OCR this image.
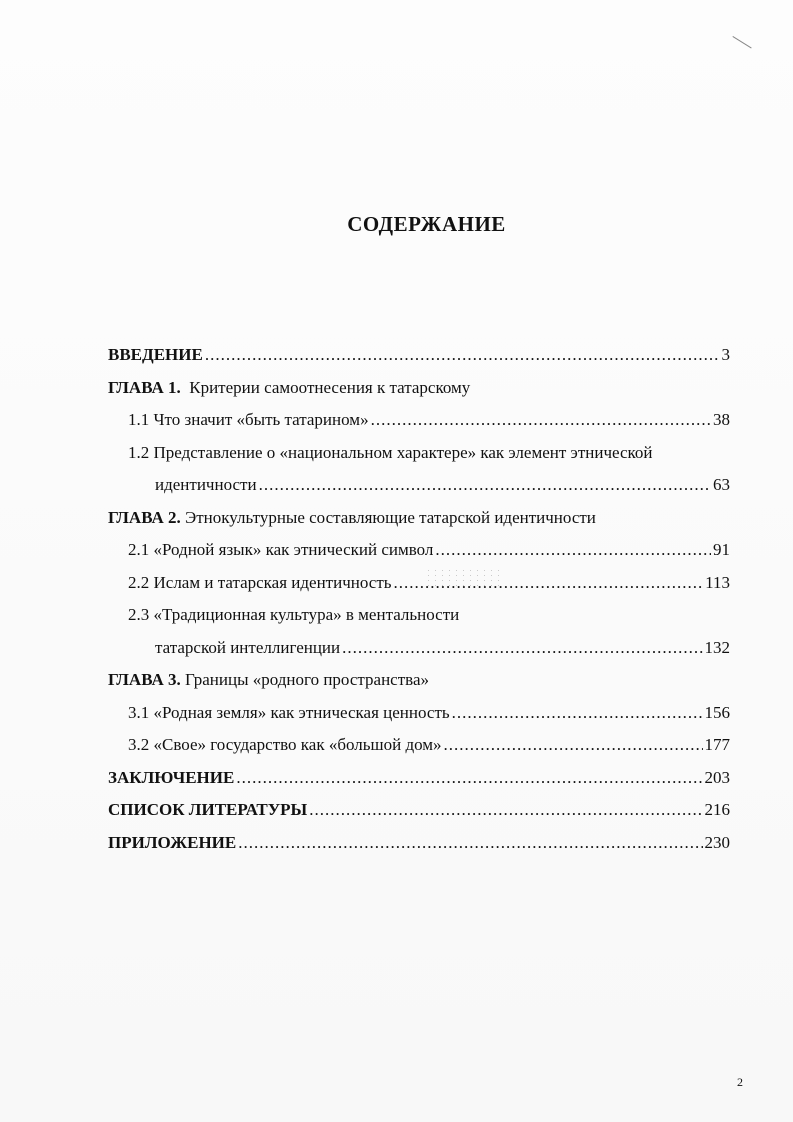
СОДЕРЖАНИЕ
ВВЕДЕНИЕ .....	3
ГЛАВА 1.  Критерии самоотнесения к татарскому
1.1 Что значит «быть татарином» .....	38
1.2 Представление о «национальном характере» как элемент этнической
идентичности .....	63
ГЛАВА 2. Этнокультурные составляющие татарской идентичности
2.1 «Родной язык» как этнический символ .....	91
2.2 Ислам и татарская идентичность .....	113
2.3 «Традиционная культура» в ментальности
татарской интеллигенции .....	132
ГЛАВА 3. Границы «родного пространства»
3.1 «Родная земля» как этническая ценность .....	156
3.2 «Свое» государство как «большой дом» .....	177
ЗАКЛЮЧЕНИЕ .....	203
СПИСОК ЛИТЕРАТУРЫ .....	216
ПРИЛОЖЕНИЕ .....	230
2
